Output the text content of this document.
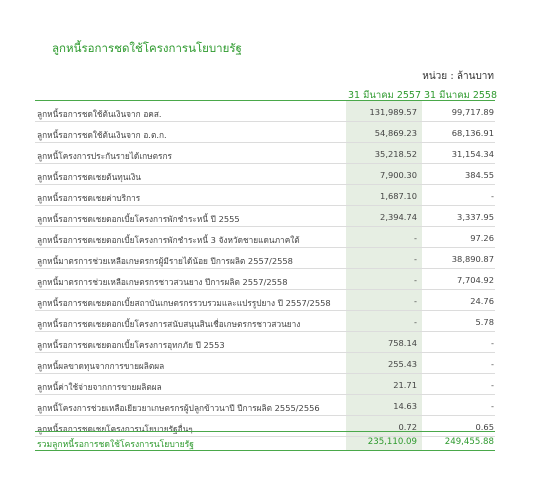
ลูกหนี้รอการชดใช้โครงการนโยบายรัฐ
หน่วย : ล้านบาท
31 มีนาคม 2557 31 มีนาคม 2558
ลูกหนี้รอการชดใช้ต้นเงินจาก อคส.	131,989.57	99,717.89
ลูกหนี้รอการชดใช้ต้นเงินจาก อ.ต.ก.	54,869.23	68,136.91
ลูกหนี้โครงการประกันรายได้เกษตรกร	35,218.52	31,154.34
ลูกหนี้รอการชดเชยต้นทุนเงิน	7,900.30	384.55
ลูกหนี้รอการชดเชยค่าบริการ	1,687.10	-
ลูกหนี้รอการชดเชยดอกเบี้ยโครงการพักชำระหนี้ ปี 2555	2,394.74	3,337.95
ลูกหนี้รอการชดเชยดอกเบี้ยโครงการพักชำระหนี้ 3 จังหวัดชายแดนภาคใต้	-	97.26
ลูกหนี้มาตรการช่วยเหลือเกษตรกรผู้มีรายได้น้อย ปีการผลิต 2557/2558	-	38,890.87
ลูกหนี้มาตรการช่วยเหลือเกษตรกรชาวสวนยาง ปีการผลิต 2557/2558	-	7,704.92
ลูกหนี้รอการชดเชยดอกเบี้ยสถาบันเกษตรกรรวบรวมและแปรรูปยาง ปี 2557/2558	-	24.76
ลูกหนี้รอการชดเชยดอกเบี้ยโครงการสนับสนุนสินเชื่อเกษตรกรชาวสวนยาง	-	5.78
ลูกหนี้รอการชดเชยดอกเบี้ยโครงการอุทกภัย ปี 2553	758.14	-
ลูกหนี้ผลขาดทุนจากการขายผลิตผล	255.43	-
ลูกหนี้ค่าใช้จ่ายจากการขายผลิตผล	21.71	-
ลูกหนี้โครงการช่วยเหลือเยียวยาเกษตรกรผู้ปลูกข้าวนาปี ปีการผลิต 2555/2556	14.63	-
ลูกหนี้รอการชดเชยโครงการนโยบายรัฐอื่นๆ	0.72	0.65
รวมลูกหนี้รอการชดใช้โครงการนโยบายรัฐ	235,110.09	249,455.88
